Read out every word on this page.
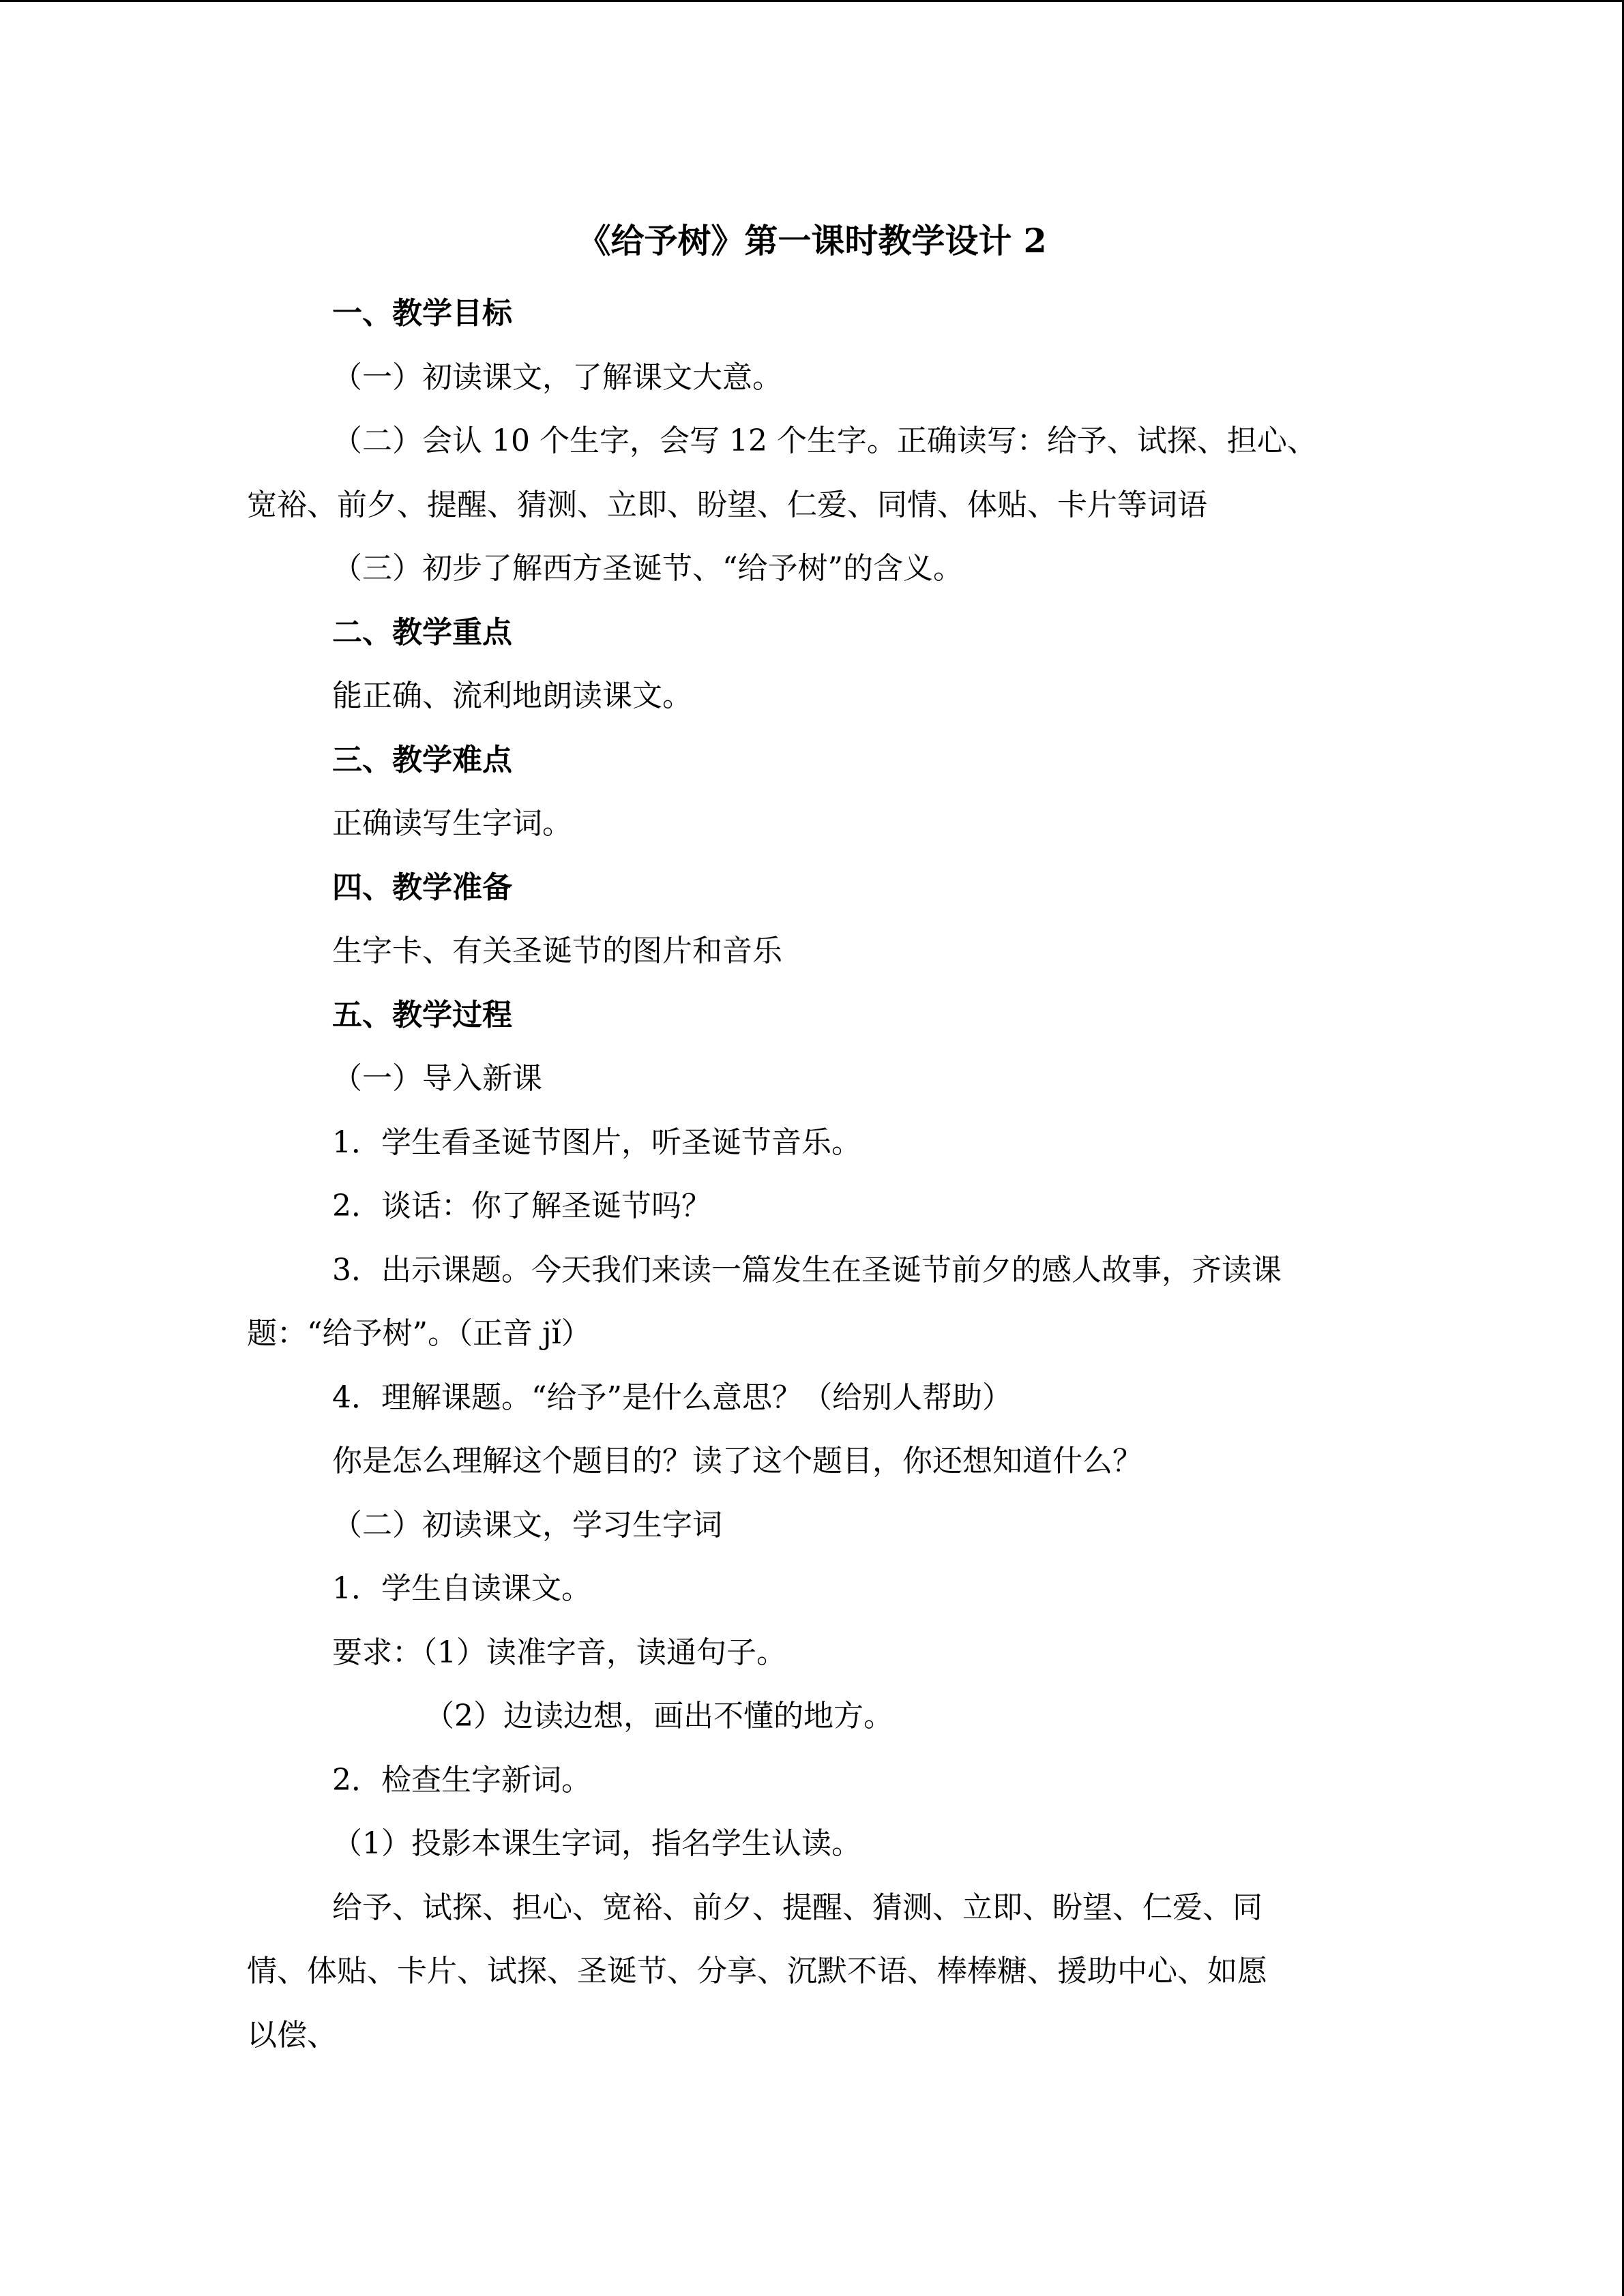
《给予树》第一课时教学设计 2
一、教学目标
（一）初读课文，了解课文大意。
（二）会认 10 个生字，会写 12 个生字。正确读写：给予、试探、担心、
宽裕、前夕、提醒、猜测、立即、盼望、仁爱、同情、体贴、卡片等词语
（三）初步了解西方圣诞节、“给予树”的含义。
二、教学重点
能正确、流利地朗读课文。
三、教学难点
正确读写生字词。
四、教学准备
生字卡、有关圣诞节的图片和音乐
五、教学过程
（一）导入新课
1．学生看圣诞节图片，听圣诞节音乐。
2．谈话：你了解圣诞节吗？
3．出示课题。今天我们来读一篇发生在圣诞节前夕的感人故事，齐读课
题：“给予树”。（正音 jǐ）
4．理解课题。“给予”是什么意思？（给别人帮助）
你是怎么理解这个题目的？读了这个题目，你还想知道什么？
（二）初读课文，学习生字词
1．学生自读课文。
要求：（1）读准字音，读通句子。
（2）边读边想，画出不懂的地方。
2．检查生字新词。
（1）投影本课生字词，指名学生认读。
给予、试探、担心、宽裕、前夕、提醒、猜测、立即、盼望、仁爱、同
情、体贴、卡片、试探、圣诞节、分享、沉默不语、棒棒糖、援助中心、如愿
以偿、
